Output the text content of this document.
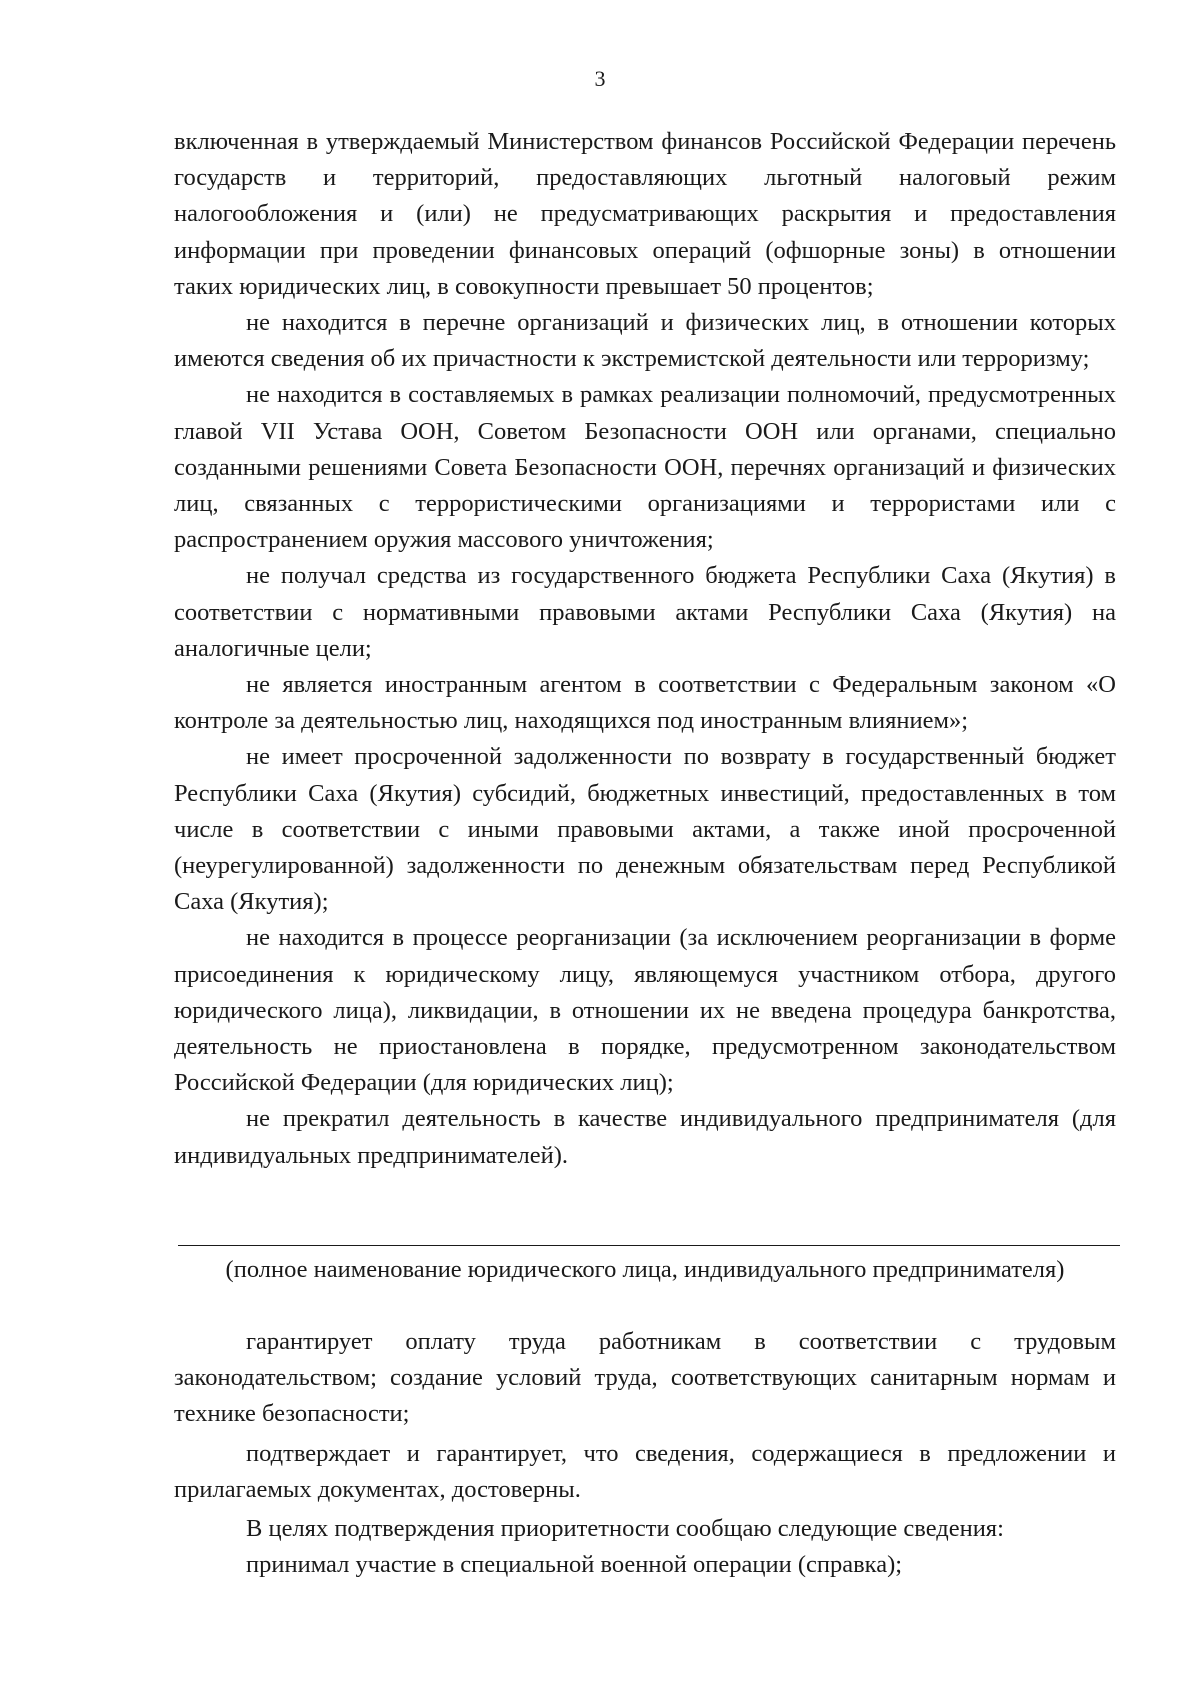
3

включенная в утверждаемый Министерством финансов Российской Федерации перечень государств и территорий, предоставляющих льготный налоговый режим налогообложения и (или) не предусматривающих раскрытия и предоставления информации при проведении финансовых операций (офшорные зоны) в отношении таких юридических лиц, в совокупности превышает 50 процентов;

не находится в перечне организаций и физических лиц, в отношении которых имеются сведения об их причастности к экстремистской деятельности или терроризму;

не находится в составляемых в рамках реализации полномочий, предусмотренных главой VII Устава ООН, Советом Безопасности ООН или органами, специально созданными решениями Совета Безопасности ООН, перечнях организаций и физических лиц, связанных с террористическими организациями и террористами или с распространением оружия массового уничтожения;

не получал средства из государственного бюджета Республики Саха (Якутия) в соответствии с нормативными правовыми актами Республики Саха (Якутия) на аналогичные цели;

не является иностранным агентом в соответствии с Федеральным законом «О контроле за деятельностью лиц, находящихся под иностранным влиянием»;

не имеет просроченной задолженности по возврату в государственный бюджет Республики Саха (Якутия) субсидий, бюджетных инвестиций, предоставленных в том числе в соответствии с иными правовыми актами, а также иной просроченной (неурегулированной) задолженности по денежным обязательствам перед Республикой Саха (Якутия);

не находится в процессе реорганизации (за исключением реорганизации в форме присоединения к юридическому лицу, являющемуся участником отбора, другого юридического лица), ликвидации, в отношении их не введена процедура банкротства, деятельность не приостановлена в порядке, предусмотренном законодательством Российской Федерации (для юридических лиц);

не прекратил деятельность в качестве индивидуального предпринимателя (для индивидуальных предпринимателей).

(полное наименование юридического лица, индивидуального предпринимателя)

гарантирует оплату труда работникам в соответствии с трудовым законодательством; создание условий труда, соответствующих санитарным нормам и технике безопасности;

подтверждает и гарантирует, что сведения, содержащиеся в предложении и прилагаемых документах, достоверны.

В целях подтверждения приоритетности сообщаю следующие сведения:

принимал участие в специальной военной операции (справка);
